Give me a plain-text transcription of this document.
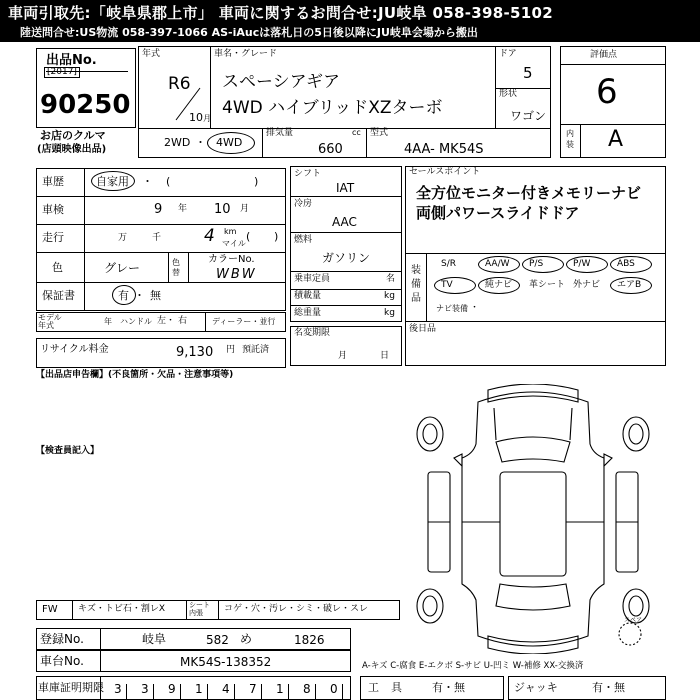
車両引取先:「岐阜県郡上市」 車両に関するお問合せ:JU岐阜 058-398-5102
陸送問合せ:US物流 058-397-1066 AS-iAucは落札日の5日後以降にJU岐阜会場から搬出
出品No.
[2017]
90250
お店のクルマ
(店頭映像出品)
年式
R6
10月
車名・グレード
スペーシアギア
4WD ハイブリッドXZターボ
ドア
5
形状
ワゴン
2WD ・ 4WD
排気量	cc
660
型式
4AA- MK54S
評価点
6
内装 A
車歴	自家用 ・ (	)
車検	9 年 10 月
走行	万	千	4 km
マイル
( )
色	グレー	色替
カラーNo.
WBW
保証書	有 ・ 無
モデル 年式	年 ハンドル 左 ・ 右	ディーラー・並行
リサイクル料金	9,130 円 預託済
シフト
IAT
冷房
AAC
燃料
ガソリン
乗車定員	名
積載量	kg
総重量	kg
名変期限
月	日
セールスポイント
全方位モニター付きメモリーナビ
両側パワースライドドア
装備品
S/R	AA/W P/S	P/W	ABS
TV	純ナビ 革シート 外ナビ エアB
ナビ装備 ・
後日品
【出品店申告欄】(不良箇所・欠品・注意事項等)
【検査員記入】
スペア
FW キズ・トビ石・割レX	シート内張	コゲ・穴・汚レ・シミ・破レ・スレ
登録No.	岐阜	582 め	1826
車台No.	MK54S-138352	A-キズ C-腐食 E-エクボ S-サビ U-凹ミ W-補修 XX-交換済
車庫証明期限 3 3 9 1 4 7 1 8 0	工具 有・無	ジャッキ	有・無
